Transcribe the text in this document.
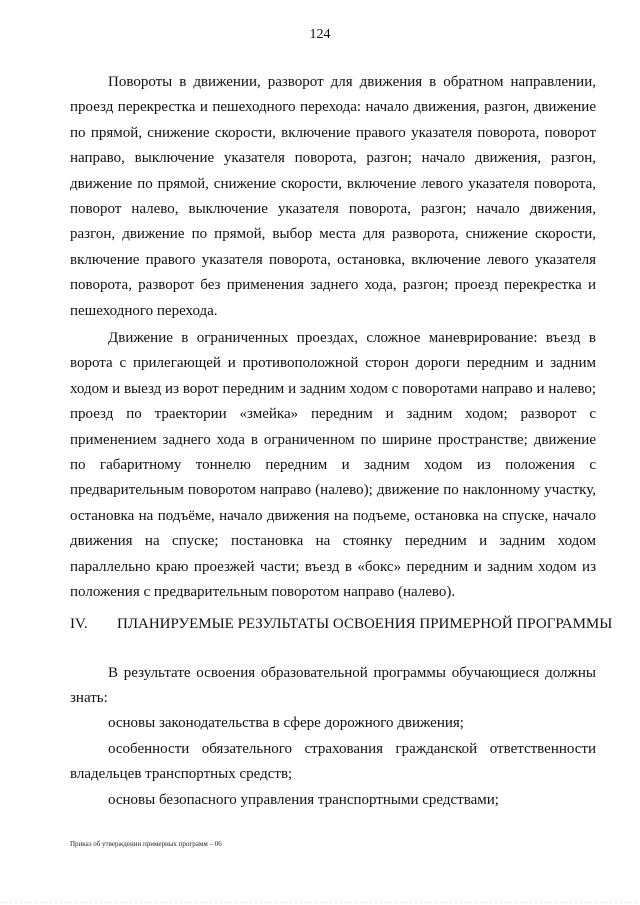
124

Повороты в движении, разворот для движения в обратном направлении, проезд перекрестка и пешеходного перехода: начало движения, разгон, движение по прямой, снижение скорости, включение правого указателя поворота, поворот направо, выключение указателя поворота, разгон; начало движения, разгон, движение по прямой, снижение скорости, включение левого указателя поворота, поворот налево, выключение указателя поворота, разгон; начало движения, разгон, движение по прямой, выбор места для разворота, снижение скорости, включение правого указателя поворота, остановка, включение левого указателя поворота, разворот без применения заднего хода, разгон; проезд перекрестка и пешеходного перехода.

Движение в ограниченных проездах, сложное маневрирование: въезд в ворота с прилегающей и противоположной сторон дороги передним и задним ходом и выезд из ворот передним и задним ходом с поворотами направо и налево; проезд по траектории «змейка» передним и задним ходом; разворот с применением заднего хода в ограниченном по ширине пространстве; движение по габаритному тоннелю передним и задним ходом из положения с предварительным поворотом направо (налево); движение по наклонному участку, остановка на подъёме, начало движения на подъеме, остановка на спуске, начало движения на спуске; постановка на стоянку передним и задним ходом параллельно краю проезжей части; въезд в «бокс» передним и задним ходом из положения с предварительным поворотом направо (налево).

IV. ПЛАНИРУЕМЫЕ РЕЗУЛЬТАТЫ ОСВОЕНИЯ ПРИМЕРНОЙ ПРОГРАММЫ

В результате освоения образовательной программы обучающиеся должны знать:

основы законодательства в сфере дорожного движения;

особенности обязательного страхования гражданской ответственности владельцев транспортных средств;

основы безопасного управления транспортными средствами;

Приказ об утверждении примерных программ – 06
